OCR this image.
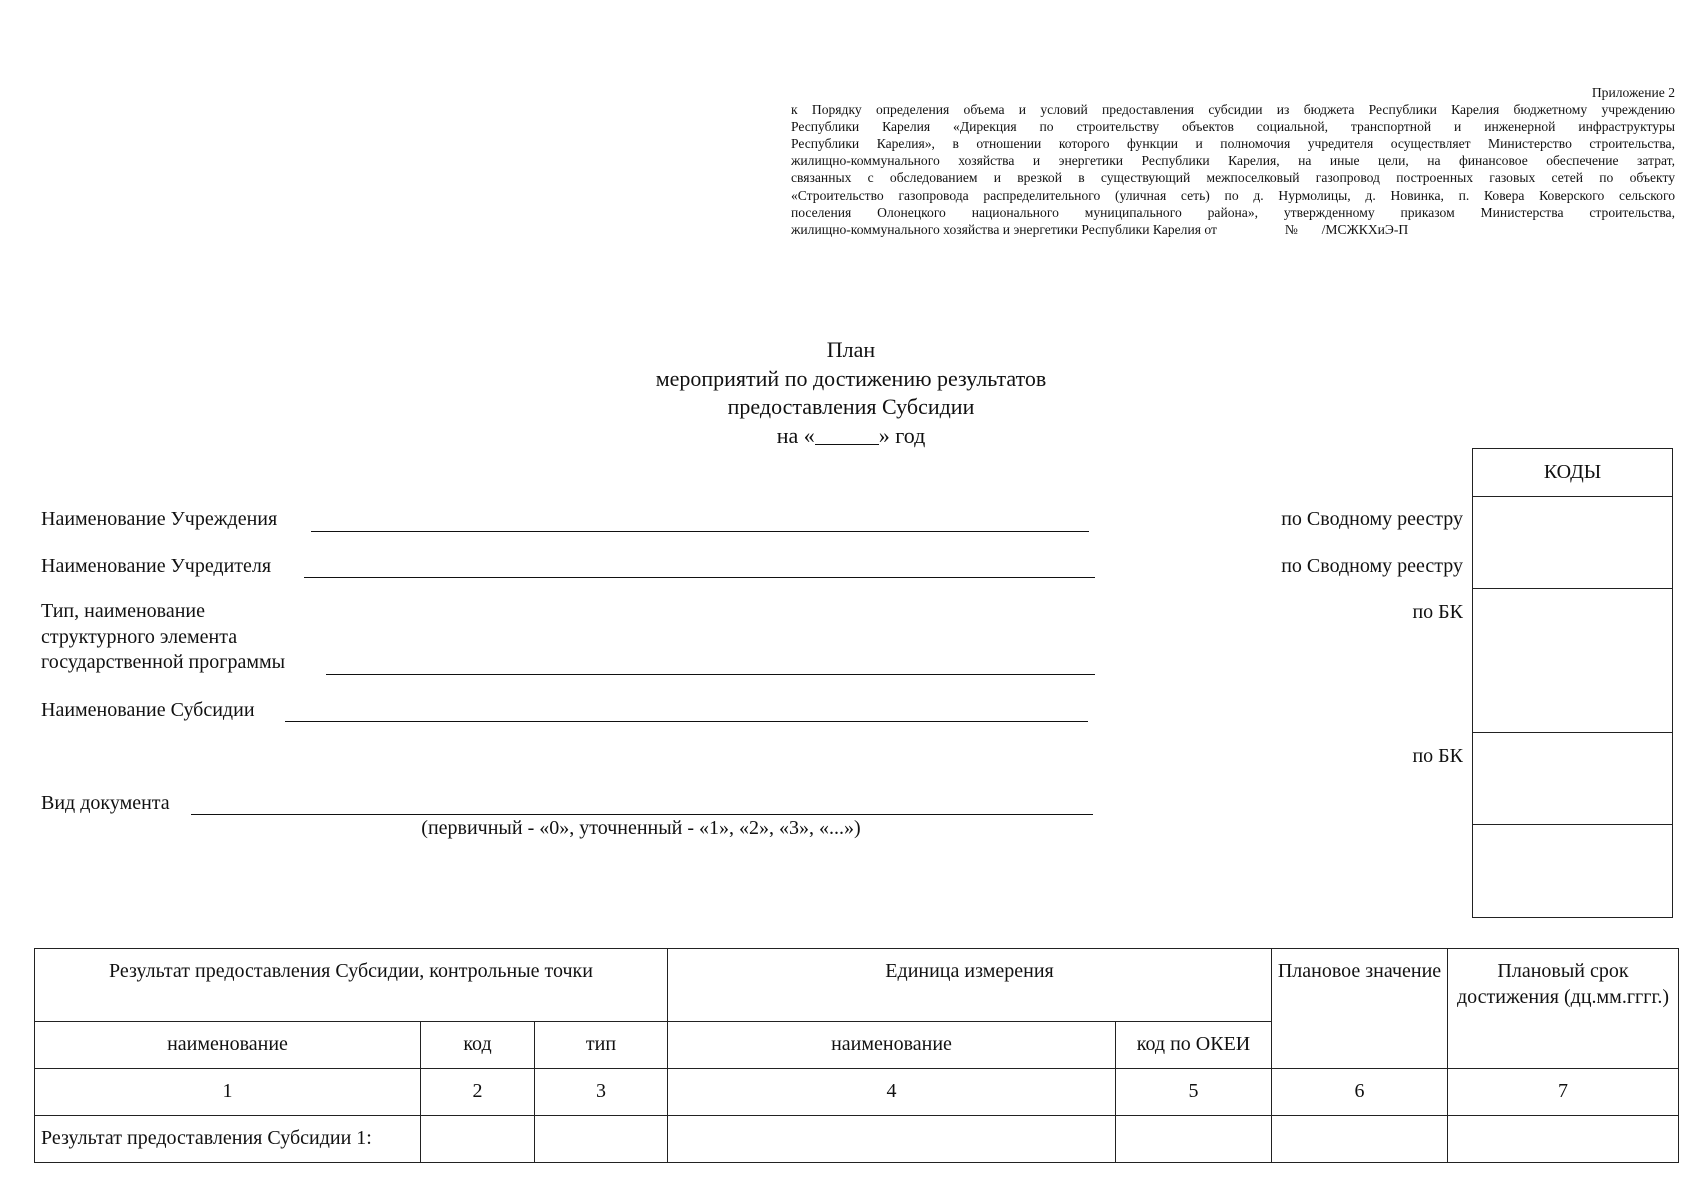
Приложение 2
к Порядку определения объема и условий предоставления субсидии из бюджета Республики Карелия бюджетному учреждению
Республики Карелия «Дирекция по строительству объектов социальной, транспортной и инженерной инфраструктуры
Республики Карелия», в отношении которого функции и полномочия учредителя осуществляет Министерство строительства,
жилищно-коммунального хозяйства и энергетики Республики Карелия, на иные цели, на финансовое обеспечение затрат,
связанных с обследованием и врезкой в существующий межпоселковый газопровод построенных газовых сетей по объекту
«Строительство газопровода распределительного (уличная сеть) по д. Нурмолицы, д. Новинка, п. Ковера Коверского сельского
поселения Олонецкого национального муниципального района», утвержденному приказом Министерства строительства,
жилищно-коммунального хозяйства и энергетики Республики Карелия от                    №       /МСЖКХиЭ-П
План
мероприятий по достижению результатов
предоставления Субсидии
на «	» год
Наименование Учреждения
Наименование Учредителя
Тип, наименование
структурного элемента
государственной программы
Наименование Субсидии
Вид документа
(первичный - «0», уточненный - «1», «2», «3», «...»)
по Сводному реестру
по Сводному реестру
по БК
по БК
КОДЫ
Результат предоставления Субсидии, контрольные точки			Единица измерения		Плановое значение	Плановый срок достижения (дц.мм.гггг.)
наименование	код	тип	наименование	код по ОКЕИ		
1	2	3	4	5	6	7
Результат предоставления Субсидии 1:						
